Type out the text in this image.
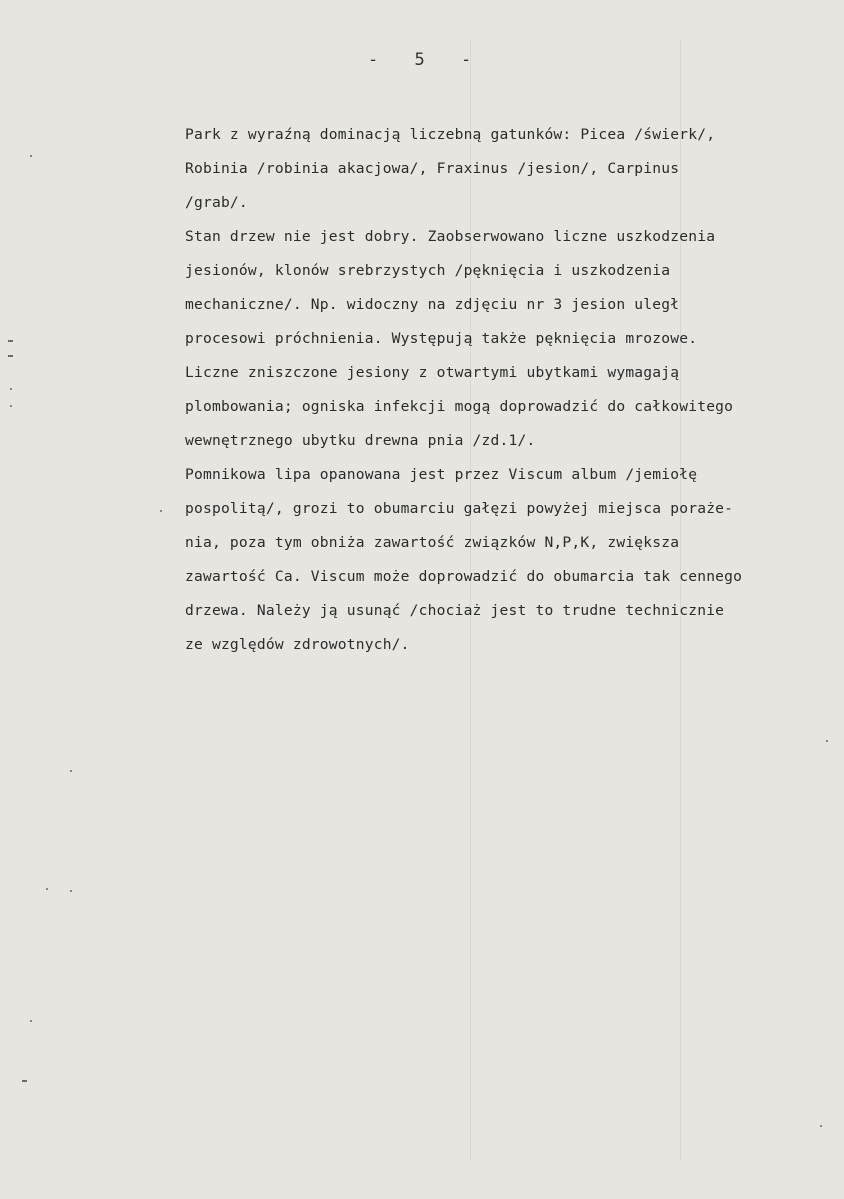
- 5 -
Park z wyraźną dominacją liczebną gatunków: Picea /świerk/,
Robinia /robinia akacjowa/, Fraxinus /jesion/, Carpinus
/grab/.
Stan drzew nie jest dobry. Zaobserwowano liczne uszkodzenia
jesionów, klonów srebrzystych /pęknięcia i uszkodzenia
mechaniczne/. Np. widoczny na zdjęciu nr 3 jesion uległ
procesowi próchnienia. Występują także pęknięcia mrozowe.
Liczne zniszczone jesiony z otwartymi ubytkami wymagają
plombowania; ogniska infekcji mogą doprowadzić do całkowitego
wewnętrznego ubytku drewna pnia /zd.1/.
Pomnikowa lipa opanowana jest przez Viscum album /jemiołę
pospolitą/, grozi to obumarciu gałęzi powyżej miejsca poraże-
nia, poza tym obniża zawartość związków N,P,K, zwiększa
zawartość Ca. Viscum może doprowadzić do obumarcia tak cennego
drzewa. Należy ją usunąć /chociaż jest to trudne technicznie
ze względów zdrowotnych/.
